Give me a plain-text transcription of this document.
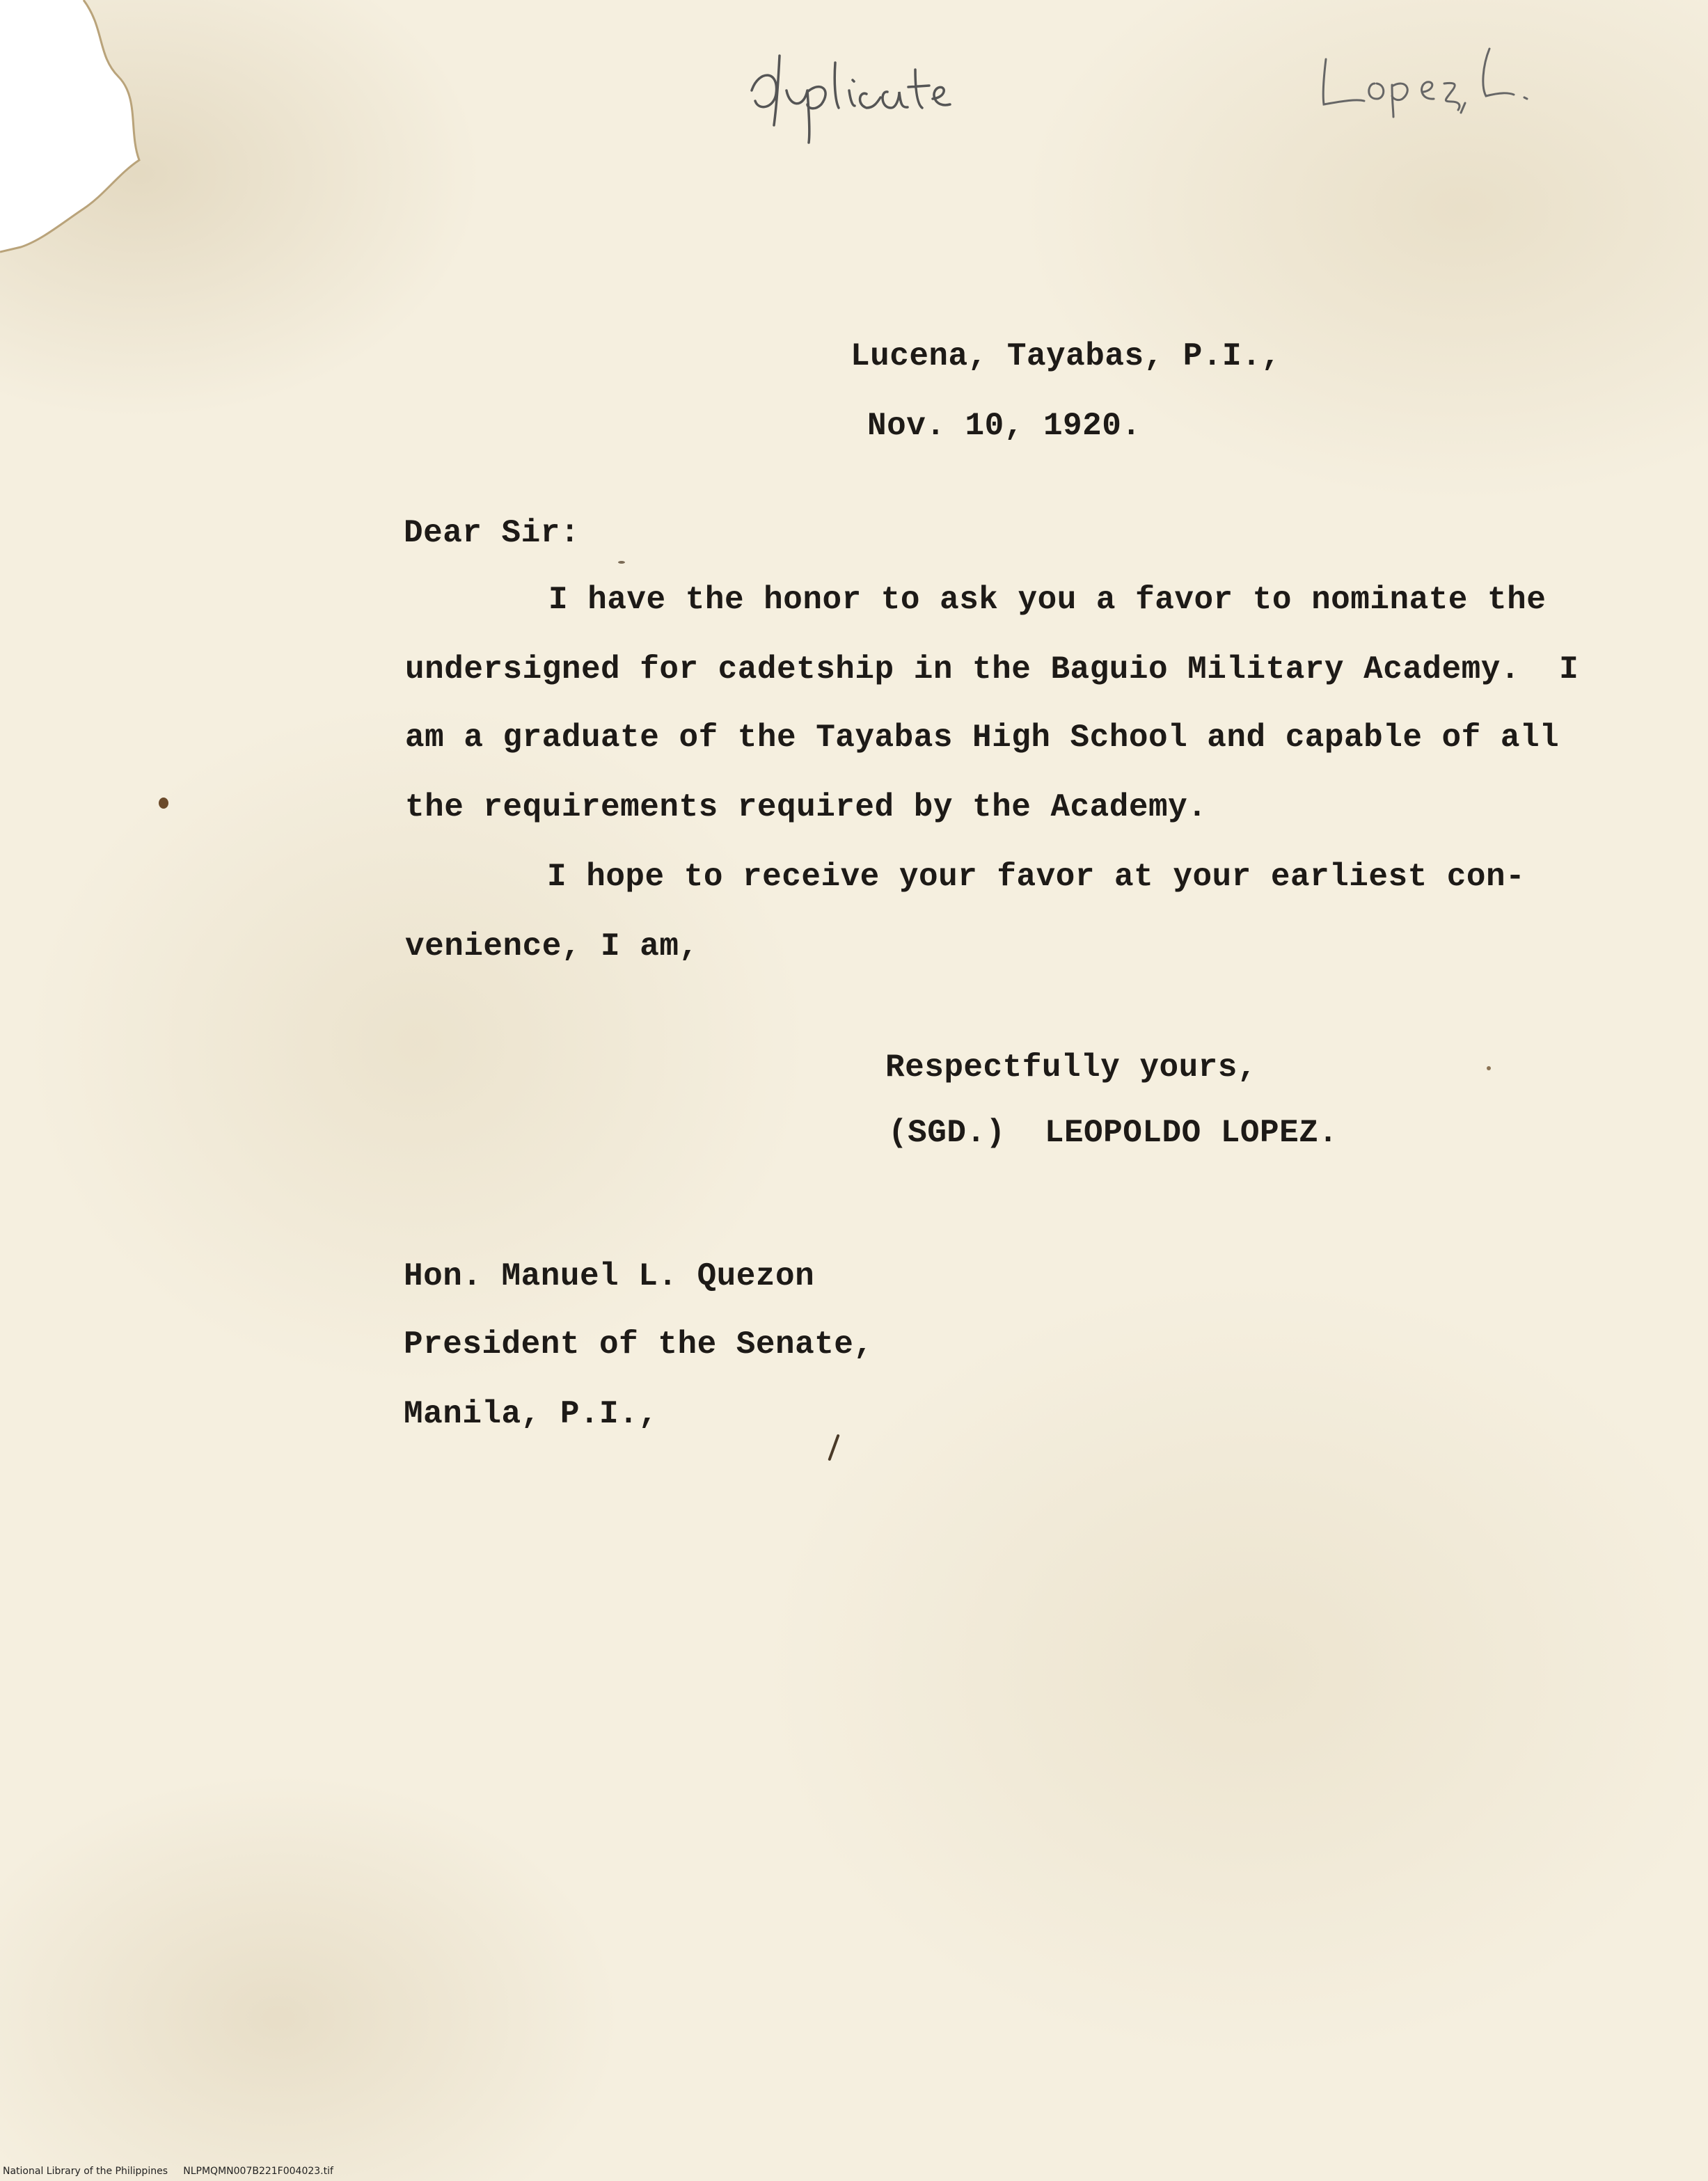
Lucena, Tayabas, P.I.,
Nov. 10, 1920.
Dear Sir:
I have the honor to ask you a favor to nominate the
undersigned for cadetship in the Baguio Military Academy.  I
am a graduate of the Tayabas High School and capable of all
the requirements required by the Academy.
I hope to receive your favor at your earliest con-
venience, I am,
Respectfully yours,
(SGD.)  LEOPOLDO LOPEZ.
Hon. Manuel L. Quezon
President of the Senate,
Manila, P.I.,
National Library of the Philippines NLPMQMN007B221F004023.tif
